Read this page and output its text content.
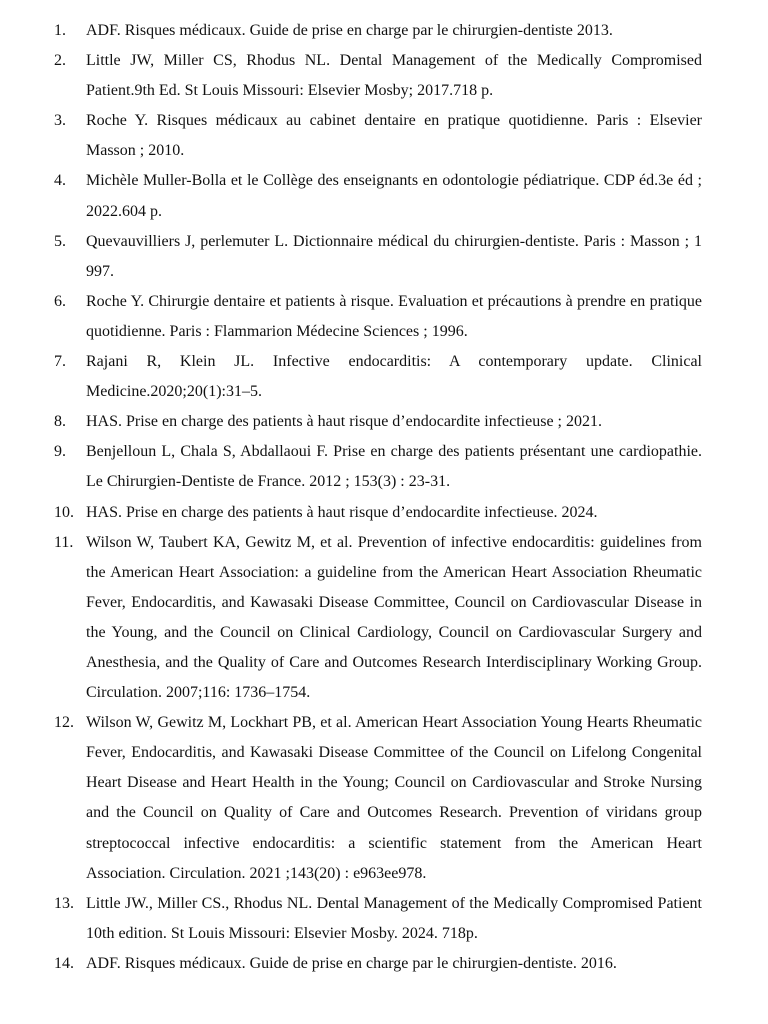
1.	ADF. Risques médicaux. Guide de prise en charge par le chirurgien-dentiste 2013.
2.	Little JW, Miller CS, Rhodus NL. Dental Management of the Medically Compromised Patient.9th Ed. St Louis Missouri: Elsevier Mosby; 2017.718 p.
3.	Roche Y. Risques médicaux au cabinet dentaire en pratique quotidienne. Paris : Elsevier Masson ; 2010.
4.	Michèle Muller-Bolla et le Collège des enseignants en odontologie pédiatrique. CDP éd.3e éd ; 2022.604 p.
5.	Quevauvilliers J, perlemuter L. Dictionnaire médical du chirurgien-dentiste. Paris : Masson ; 1 997.
6.	Roche Y. Chirurgie dentaire et patients à risque. Evaluation et précautions à prendre en pratique quotidienne. Paris : Flammarion Médecine Sciences ; 1996.
7.	Rajani R, Klein JL. Infective endocarditis: A contemporary update. Clinical Medicine.2020;20(1):31–5.
8.	HAS. Prise en charge des patients à haut risque d’endocardite infectieuse ; 2021.
9.	Benjelloun L, Chala S, Abdallaoui F. Prise en charge des patients présentant une cardiopathie. Le Chirurgien-Dentiste de France. 2012 ; 153(3) : 23-31.
10. HAS. Prise en charge des patients à haut risque d’endocardite infectieuse. 2024.
11. Wilson W, Taubert KA, Gewitz M, et al. Prevention of infective endocarditis: guidelines from the American Heart Association: a guideline from the American Heart Association Rheumatic Fever, Endocarditis, and Kawasaki Disease Committee, Council on Cardiovascular Disease in the Young, and the Council on Clinical Cardiology, Council on Cardiovascular Surgery and Anesthesia, and the Quality of Care and Outcomes Research Interdisciplinary Working Group. Circulation. 2007;116: 1736–1754.
12. Wilson W, Gewitz M, Lockhart PB, et al. American Heart Association Young Hearts Rheumatic Fever, Endocarditis, and Kawasaki Disease Committee of the Council on Lifelong Congenital Heart Disease and Heart Health in the Young; Council on Cardiovascular and Stroke Nursing and the Council on Quality of Care and Outcomes Research. Prevention of viridans group streptococcal infective endocarditis: a scientific statement from the American Heart Association. Circulation. 2021 ;143(20) : e963ee978.
13. Little JW., Miller CS., Rhodus NL. Dental Management of the Medically Compromised Patient 10th edition. St Louis Missouri: Elsevier Mosby. 2024. 718p.
14. ADF. Risques médicaux. Guide de prise en charge par le chirurgien-dentiste. 2016.
